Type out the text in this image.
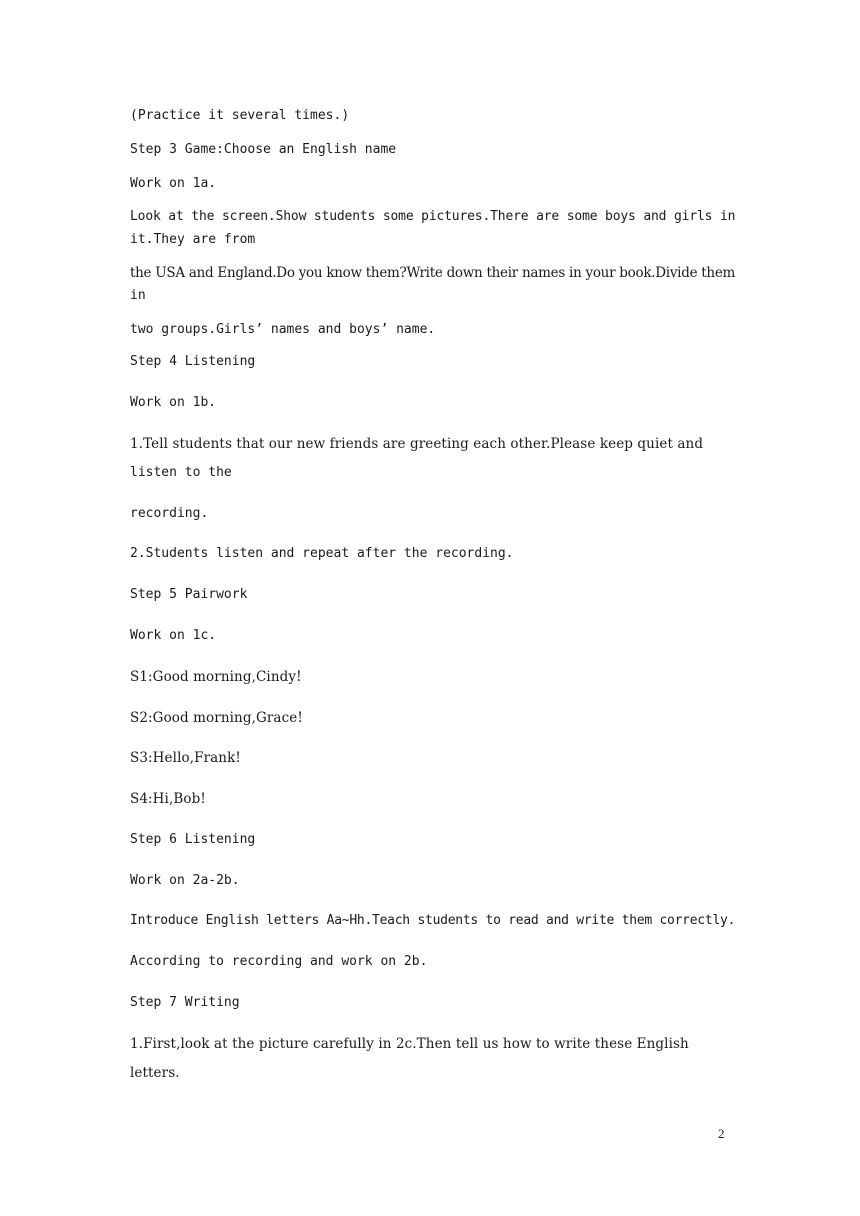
(Practice it several times.)
Step 3 Game:Choose an English name
Work on 1a.
Look at the screen.Show students some pictures.There are some boys and girls in
it.They are from
the USA and England.Do you know them?Write down their names in your book.Divide them
in
two groups.Girls’ names and boys’ name.
Step 4 Listening
Work on 1b.
1.Tell students that our new friends are greeting each other.Please keep quiet and
listen to the
recording.
2.Students listen and repeat after the recording.
Step 5 Pairwork
Work on 1c.
S1:Good morning,Cindy!
S2:Good morning,Grace!
S3:Hello,Frank!
S4:Hi,Bob!
Step 6 Listening
Work on 2a-2b.
Introduce English letters Aa~Hh.Teach students to read and write them correctly.
According to recording and work on 2b.
Step 7 Writing
1.First,look at the picture carefully in 2c.Then tell us how to write these English
letters.
2
